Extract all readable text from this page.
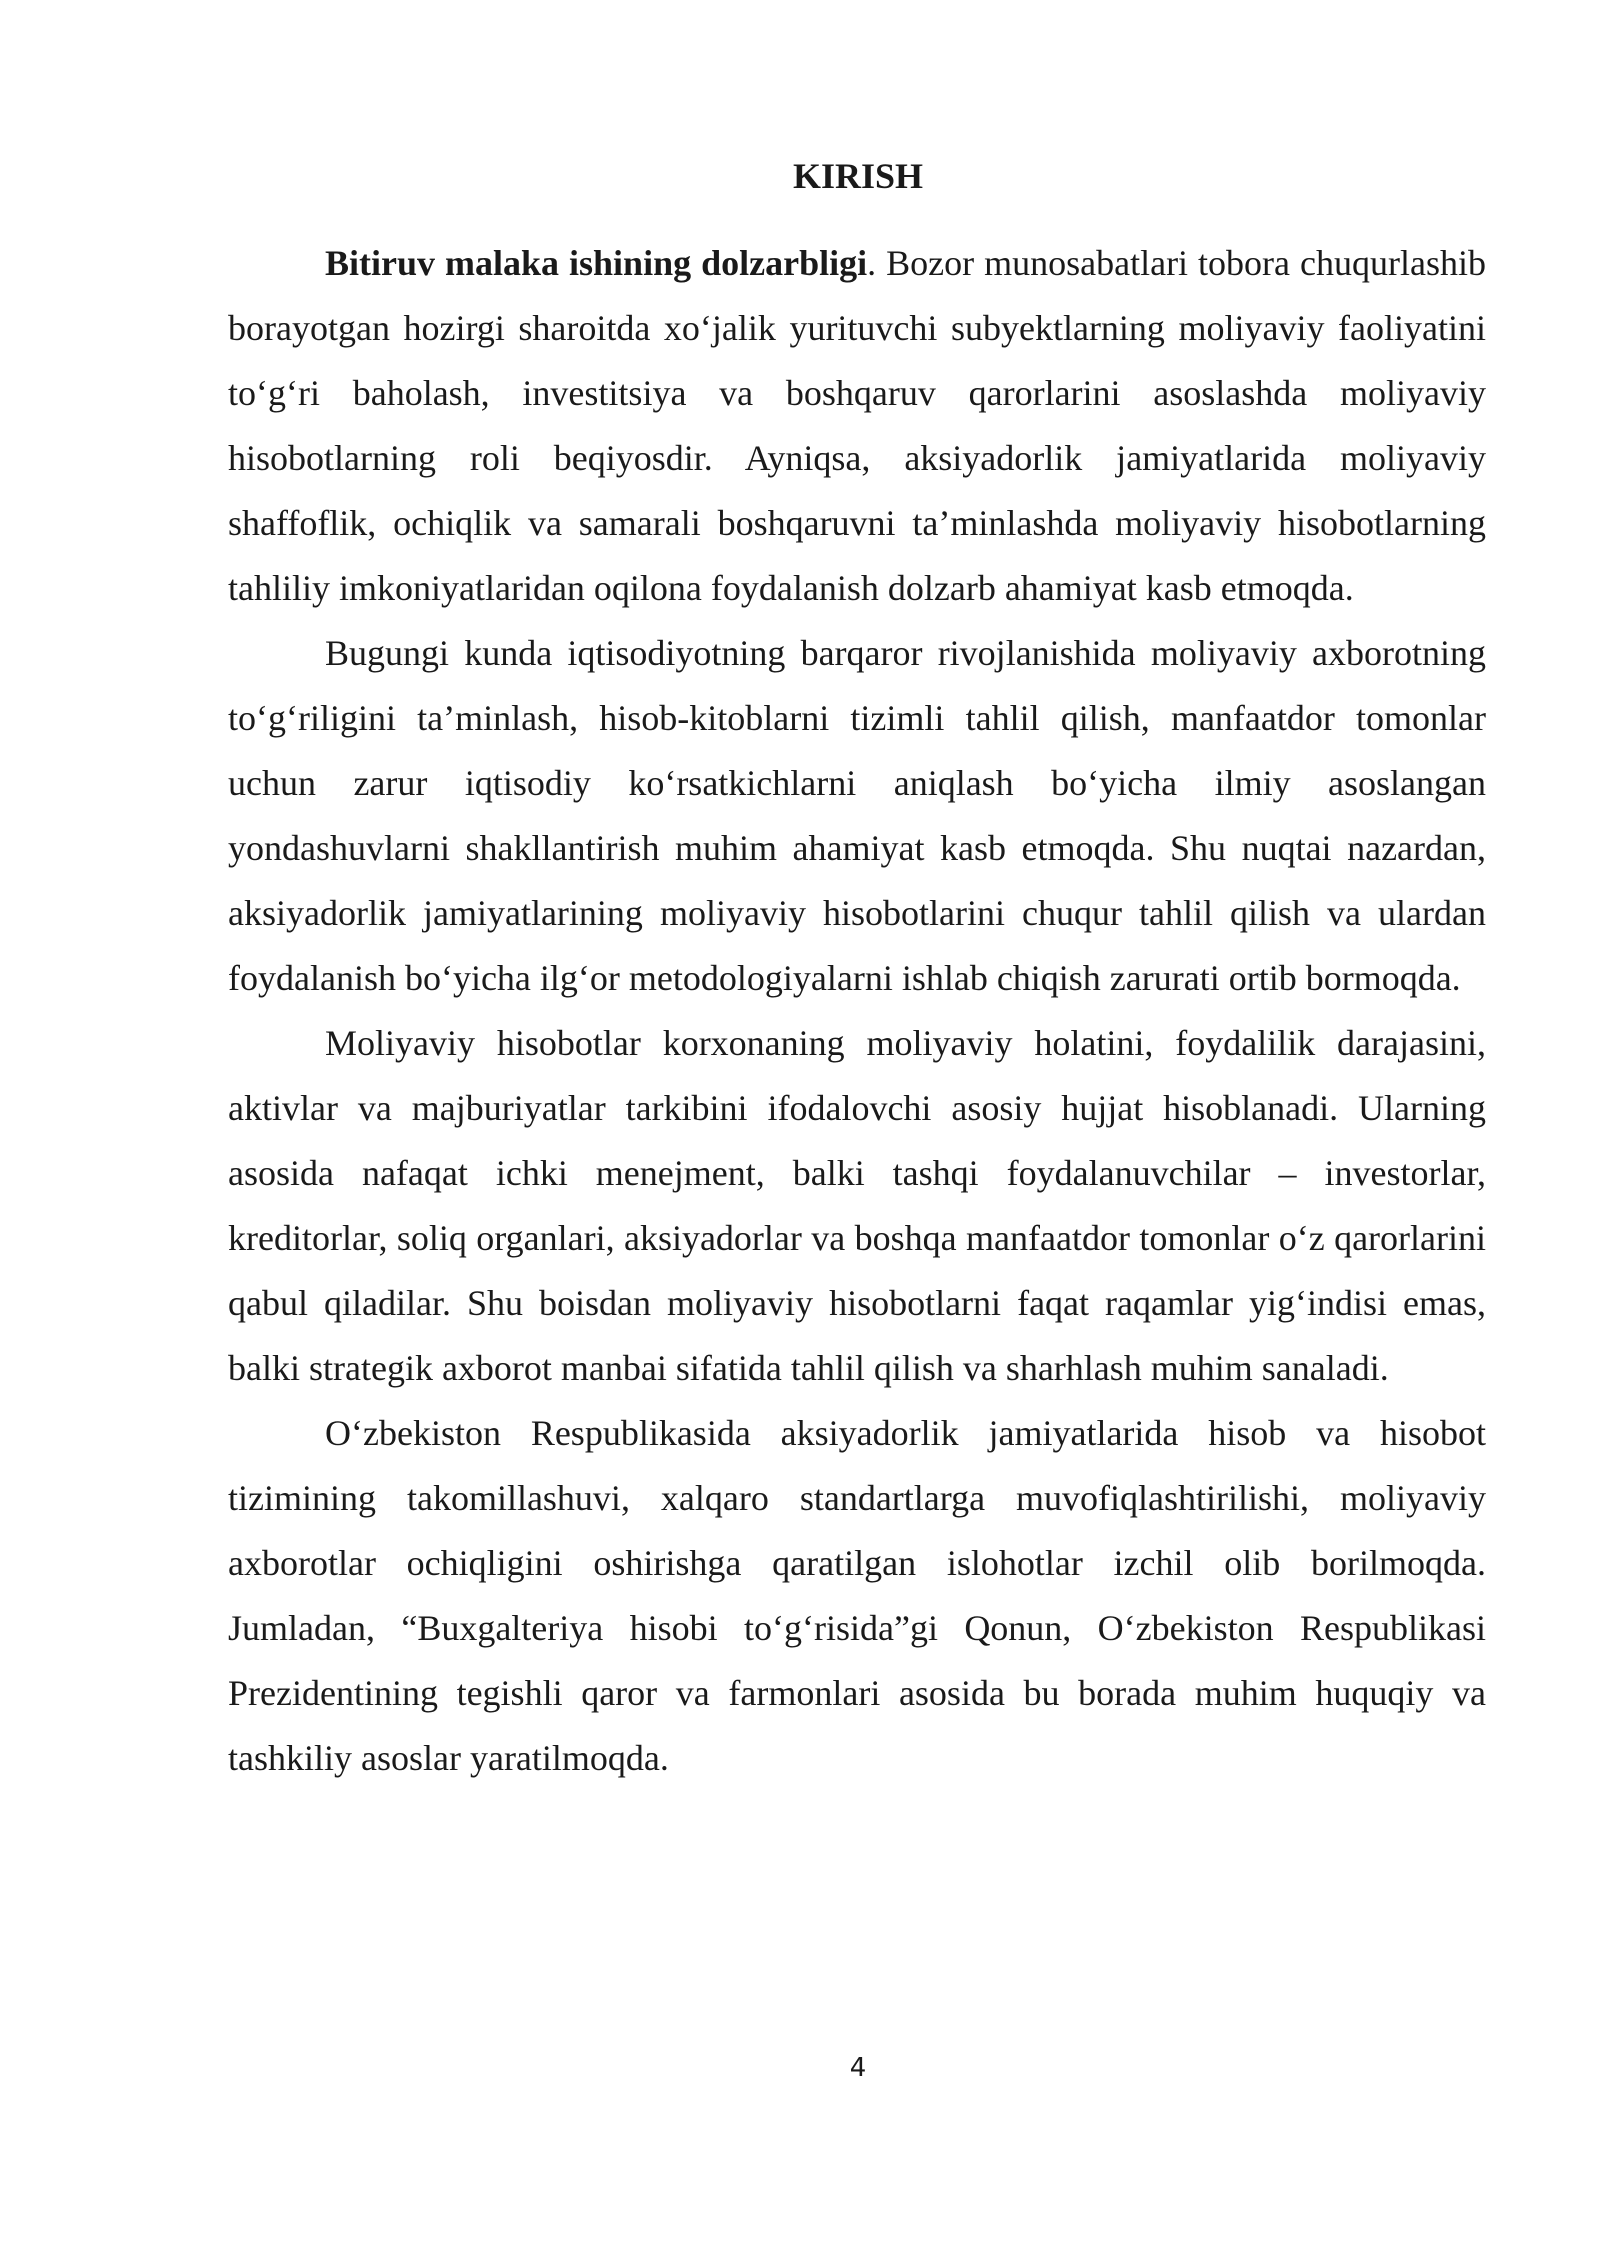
KIRISH

Bitiruv malaka ishining dolzarbligi. Bozor munosabatlari tobora chuqurlashib borayotgan hozirgi sharoitda xo‘jalik yurituvchi subyektlarning moliyaviy faoliyatini to‘g‘ri baholash, investitsiya va boshqaruv qarorlarini asoslashda moliyaviy hisobotlarning roli beqiyosdir. Ayniqsa, aksiyadorlik jamiyatlarida moliyaviy shaffoflik, ochiqlik va samarali boshqaruvni ta’minlashda moliyaviy hisobotlarning tahliliy imkoniyatlaridan oqilona foydalanish dolzarb ahamiyat kasb etmoqda.

Bugungi kunda iqtisodiyotning barqaror rivojlanishida moliyaviy axborotning to‘g‘riligini ta’minlash, hisob-kitoblarni tizimli tahlil qilish, manfaatdor tomonlar uchun zarur iqtisodiy ko‘rsatkichlarni aniqlash bo‘yicha ilmiy asoslangan yondashuvlarni shakllantirish muhim ahamiyat kasb etmoqda. Shu nuqtai nazardan, aksiyadorlik jamiyatlarining moliyaviy hisobotlarini chuqur tahlil qilish va ulardan foydalanish bo‘yicha ilg‘or metodologiyalarni ishlab chiqish zarurati ortib bormoqda.

Moliyaviy hisobotlar korxonaning moliyaviy holatini, foydalilik darajasini, aktivlar va majburiyatlar tarkibini ifodalovchi asosiy hujjat hisoblanadi. Ularning asosida nafaqat ichki menejment, balki tashqi foydalanuvchilar – investorlar, kreditorlar, soliq organlari, aksiyadorlar va boshqa manfaatdor tomonlar o‘z qarorlarini qabul qiladilar. Shu boisdan moliyaviy hisobotlarni faqat raqamlar yig‘indisi emas, balki strategik axborot manbai sifatida tahlil qilish va sharhlash muhim sanaladi.

O‘zbekiston Respublikasida aksiyadorlik jamiyatlarida hisob va hisobot tizimining takomillashuvi, xalqaro standartlarga muvofiqlashtirilishi, moliyaviy axborotlar ochiqligini oshirishga qaratilgan islohotlar izchil olib borilmoqda. Jumladan, “Buxgalteriya hisobi to‘g‘risida”gi Qonun, O‘zbekiston Respublikasi Prezidentining tegishli qaror va farmonlari asosida bu borada muhim huquqiy va tashkiliy asoslar yaratilmoqda.

4
